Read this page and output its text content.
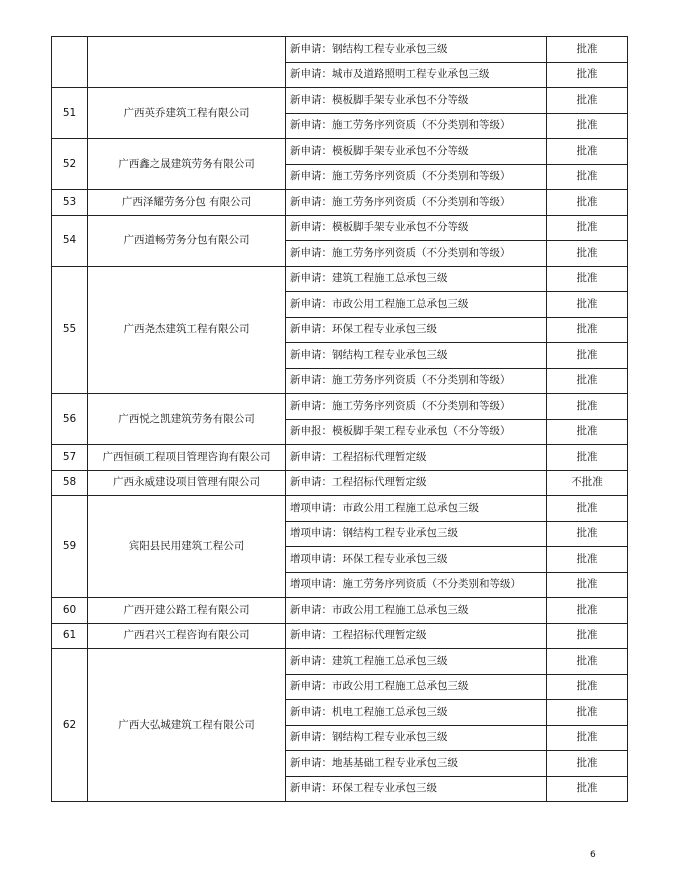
		新申请：钢结构工程专业承包三级	批准
		新申请：城市及道路照明工程专业承包三级	批准
51	广西英乔建筑工程有限公司	新申请：模板脚手架专业承包不分等级	批准
		新申请：施工劳务序列资质（不分类别和等级）	批准
52	广西鑫之晟建筑劳务有限公司	新申请：模板脚手架专业承包不分等级	批准
		新申请：施工劳务序列资质（不分类别和等级）	批准
53	广西泽耀劳务分包 有限公司	新申请：施工劳务序列资质（不分类别和等级）	批准
54	广西道畅劳务分包有限公司	新申请：模板脚手架专业承包不分等级	批准
		新申请：施工劳务序列资质（不分类别和等级）	批准
55	广西尧杰建筑工程有限公司	新申请：建筑工程施工总承包三级	批准
		新申请：市政公用工程施工总承包三级	批准
		新申请：环保工程专业承包三级	批准
		新申请：钢结构工程专业承包三级	批准
		新申请：施工劳务序列资质（不分类别和等级）	批准
56	广西悦之凯建筑劳务有限公司	新申请：施工劳务序列资质（不分类别和等级）	批准
		新申报：模板脚手架工程专业承包（不分等级）	批准
57	广西恒硕工程项目管理咨询有限公司	新申请：工程招标代理暂定级	批准
58	广西永威建设项目管理有限公司	新申请：工程招标代理暂定级	不批准
59	宾阳县民用建筑工程公司	增项申请：市政公用工程施工总承包三级	批准
		增项申请：钢结构工程专业承包三级	批准
		增项申请：环保工程专业承包三级	批准
		增项申请：施工劳务序列资质（不分类别和等级）	批准
60	广西开建公路工程有限公司	新申请：市政公用工程施工总承包三级	批准
61	广西君兴工程咨询有限公司	新申请：工程招标代理暂定级	批准
62	广西大弘城建筑工程有限公司	新申请：建筑工程施工总承包三级	批准
		新申请：市政公用工程施工总承包三级	批准
		新申请：机电工程施工总承包三级	批准
		新申请：钢结构工程专业承包三级	批准
		新申请：地基基础工程专业承包三级	批准
		新申请：环保工程专业承包三级	批准
6
